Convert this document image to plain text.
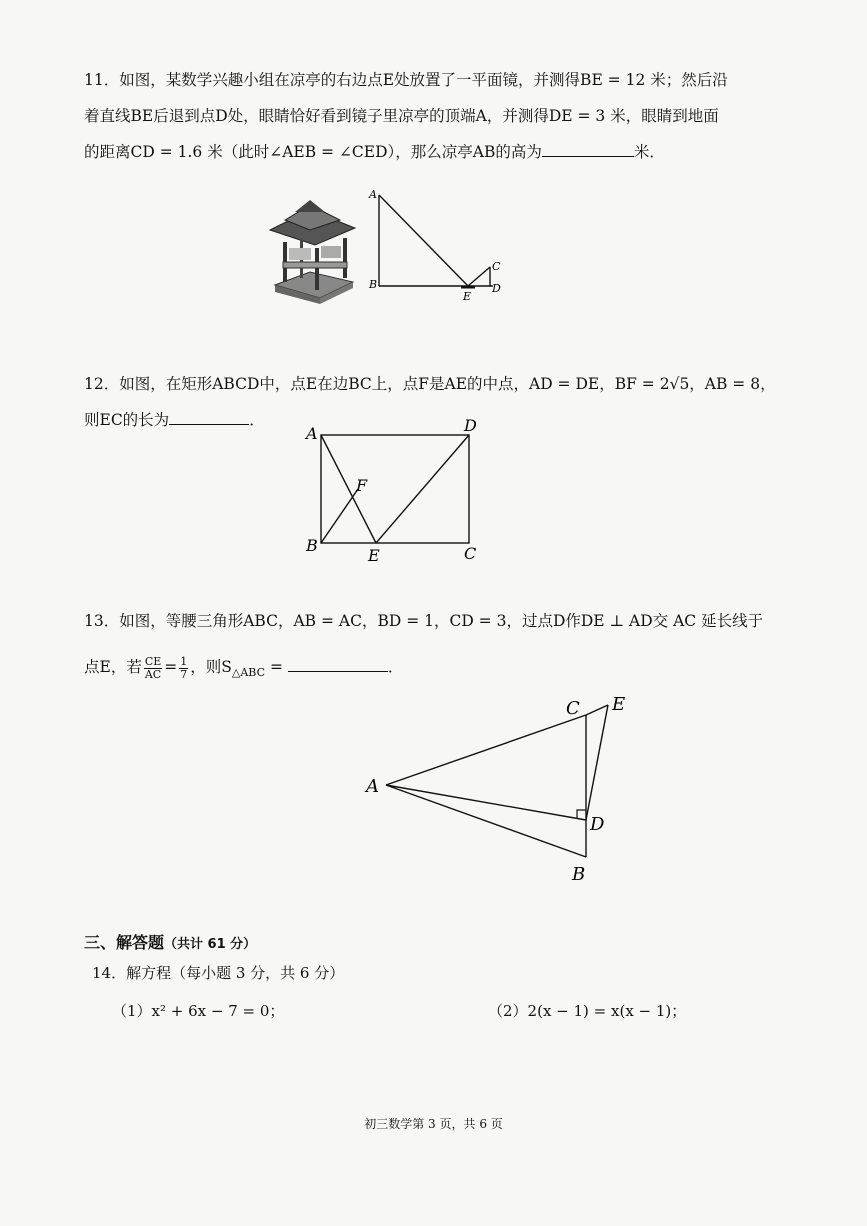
11．如图，某数学兴趣小组在凉亭的右边点E处放置了一平面镜，并测得BE = 12 米；然后沿
着直线BE后退到点D处，眼睛恰好看到镜子里凉亭的顶端A，并测得DE = 3 米，眼睛到地面
的距离CD = 1.6 米（此时∠AEB = ∠CED），那么凉亭AB的高为	米．
A
B
E
C
D
12．如图，在矩形ABCD中，点E在边BC上，点F是AE的中点，AD = DE，BF = 2√5，AB = 8，
则EC的长为	．
A	D
B
E	C
F
13．如图，等腰三角形ABC，AB = AC，BD = 1，CD = 3，过点D作DE ⊥ AD交 AC 延长线于
点E，若 $\frac{CE}{AC} = \frac{1}{7}$ ，则$S_{\triangle ABC}$ =	．
A
C E
D
B
三、解答题（共计 61 分）
14．解方程（每小题 3 分，共 6 分）
（1）x² + 6x − 7 = 0；	（2）2(x − 1) = x(x − 1)；
初三数学第 3 页，共 6 页
